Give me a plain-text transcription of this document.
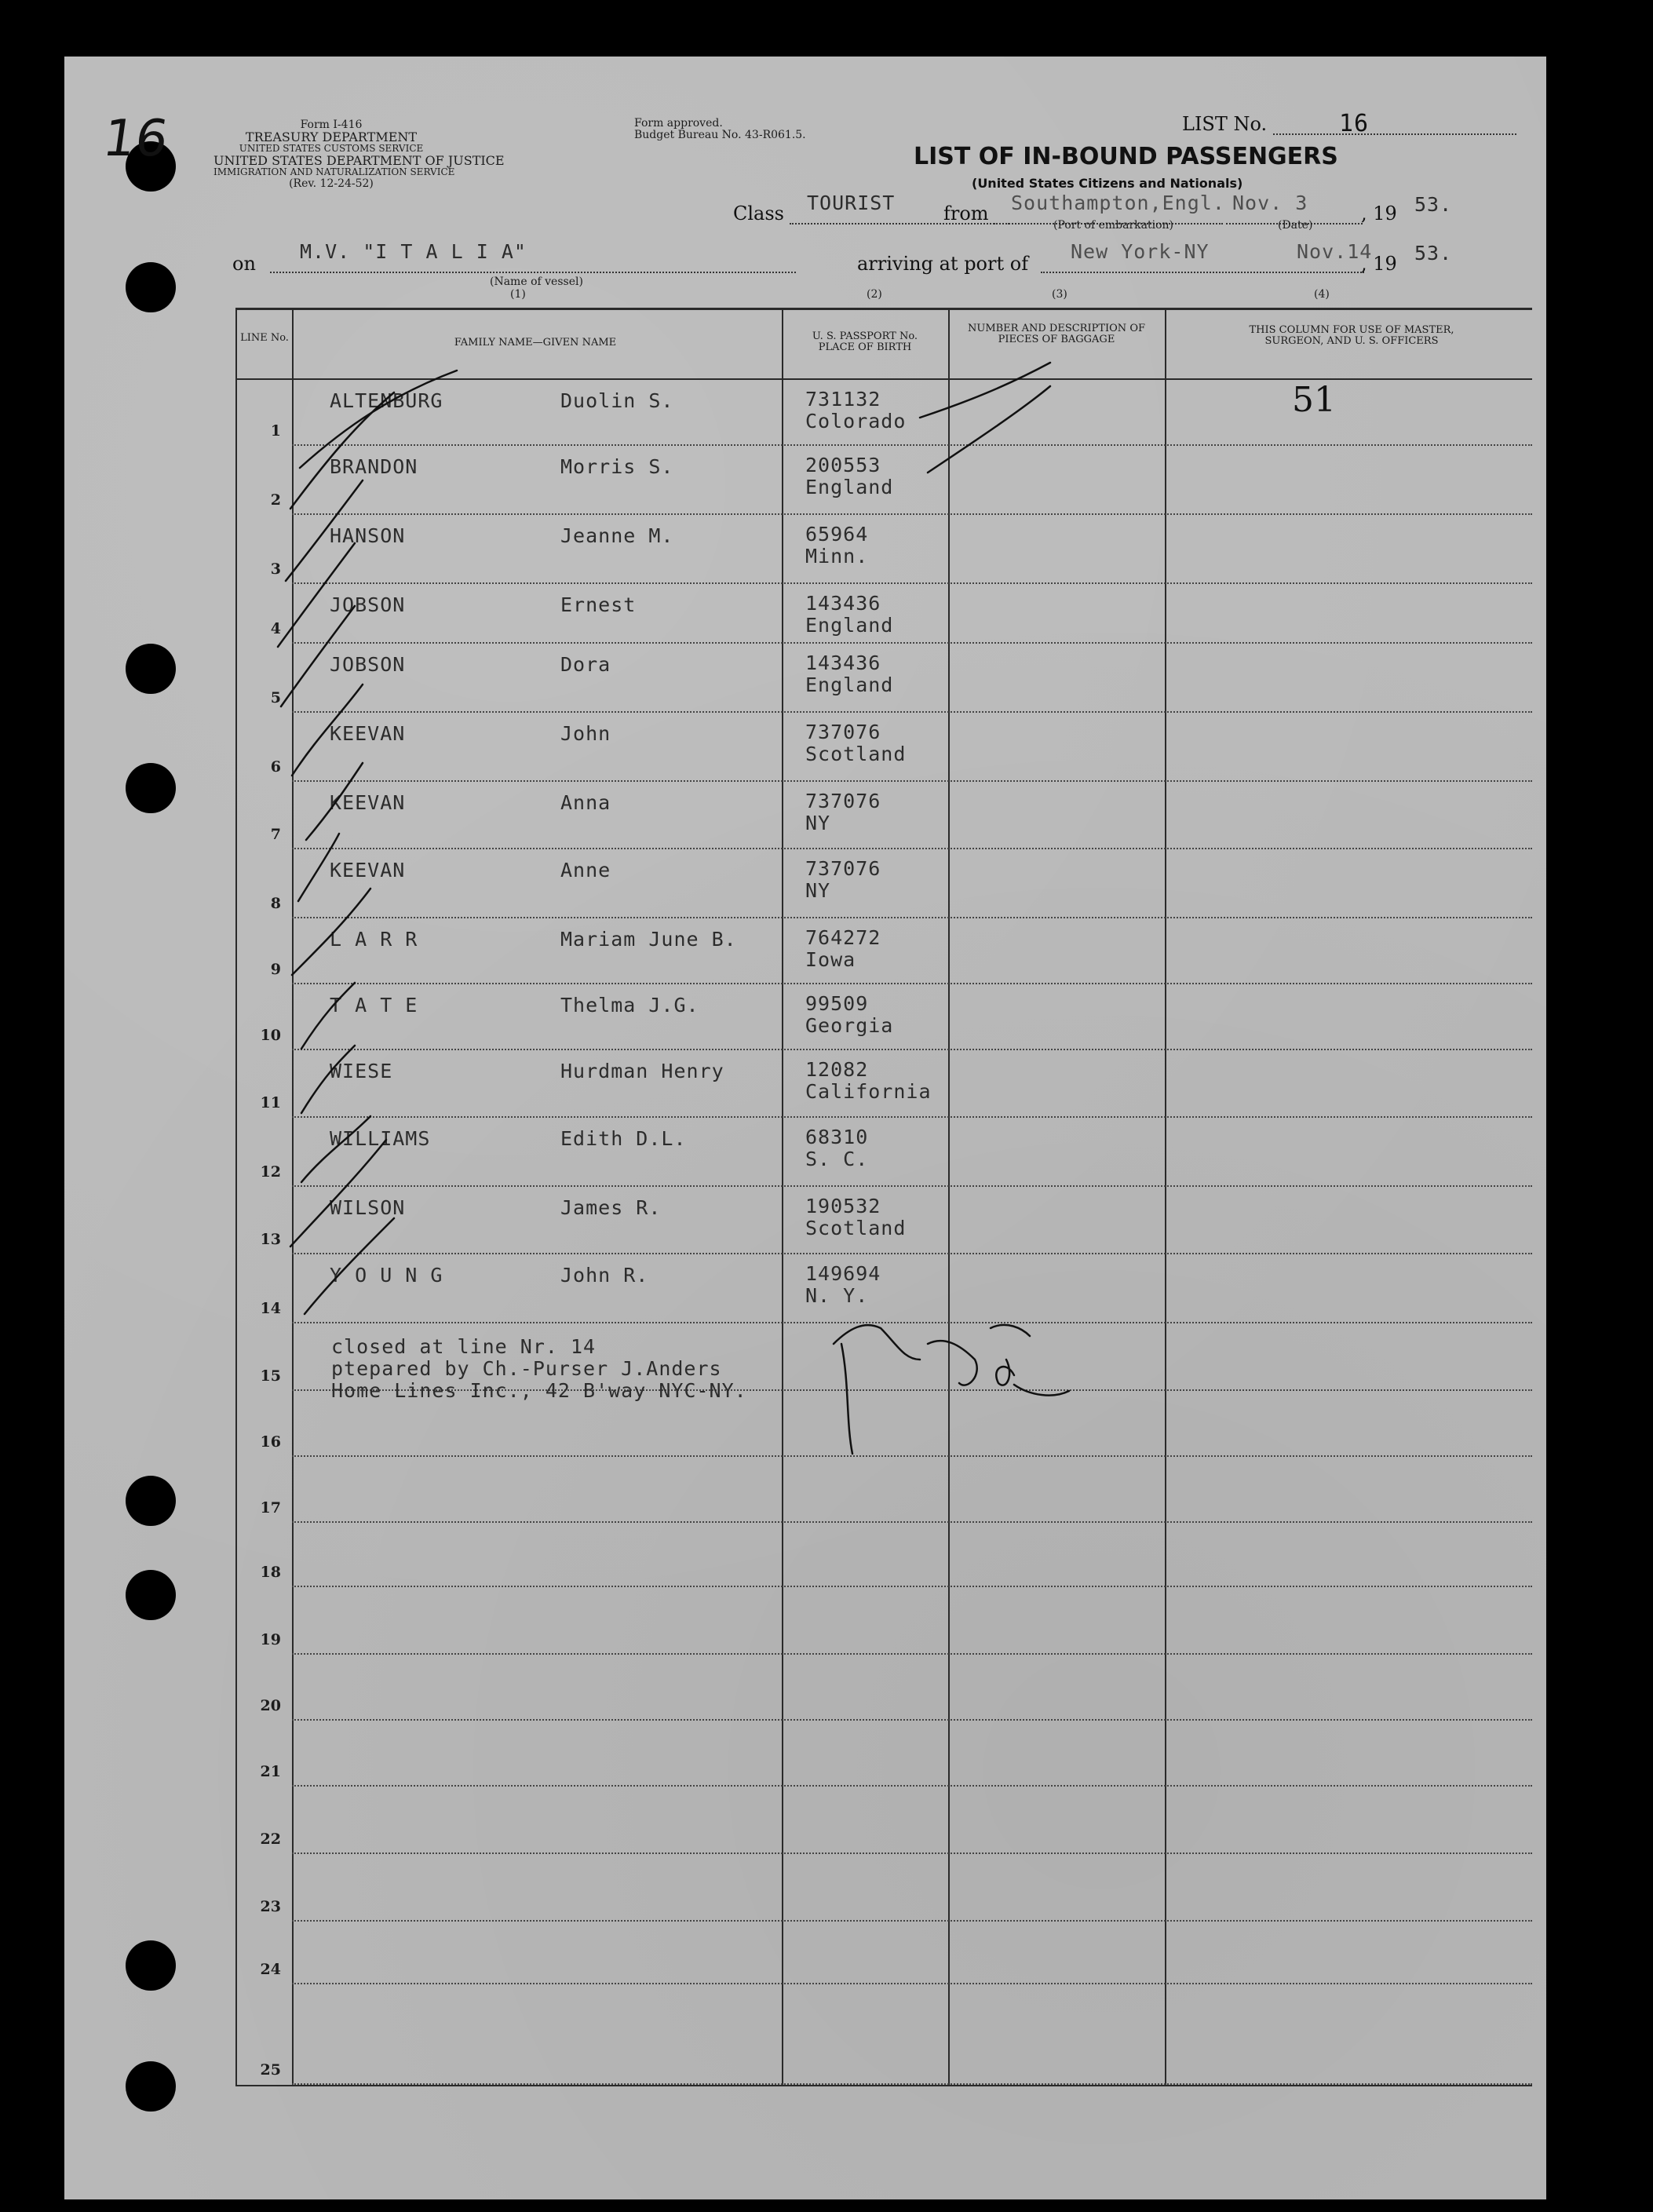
16	Form I-416
TREASURY DEPARTMENT
UNITED STATES CUSTOMS SERVICE
UNITED STATES DEPARTMENT OF JUSTICE
IMMIGRATION AND NATURALIZATION SERVICE
(Rev. 12-24-52)
Form approved.
Budget Bureau No. 43-R061.5.	LIST No.	16
LIST OF IN-BOUND PASSENGERS
(United States Citizens and Nationals)
Class TOURIST	from Southampton,Engl.
(Port of embarkation)
Nov. 3
(Date)
, 19 53.
on
M.V. "I T A L I A"
(Name of vessel)
(1)
arriving at port of
New York-NY	Nov.14
, 19 53.
(2)	(3)	(4)
LINE No.	FAMILY NAME—GIVEN NAME
U. S. PASSPORT No. PLACE OF BIRTH
NUMBER AND DESCRIPTION OF PIECES OF BAGGAGE
THIS COLUMN FOR USE OF MASTER, SURGEON, AND U. S. OFFICERS
1
ALTENBURG	Duolin S.	731132
Colorado
2
BRANDON	Morris S.	200553
England
3
HANSON	Jeanne M.	65964
Minn.
4
JOBSON	Ernest	143436
England
5
JOBSON	Dora	143436
England
6
KEEVAN	John	737076
Scotland
7
KEEVAN	Anna	737076
NY
8
KEEVAN	Anne	737076
NY
9
L A R R	Mariam June B.	764272
Iowa
10
T A T E	Thelma J.G.	99509
Georgia
11
WIESE	Hurdman Henry	12082
California
12
WILLIAMS	Edith D.L.	68310
S. C.
13
WILSON	James R.	190532
Scotland
14
Y O U N G	John R.	149694
N. Y.
15
16
17
18
19
20
21
22
23
24
25
51
closed at line Nr. 14
ptepared by Ch.-Purser J.Anders
Home Lines Inc., 42 B'way NYC-NY.
